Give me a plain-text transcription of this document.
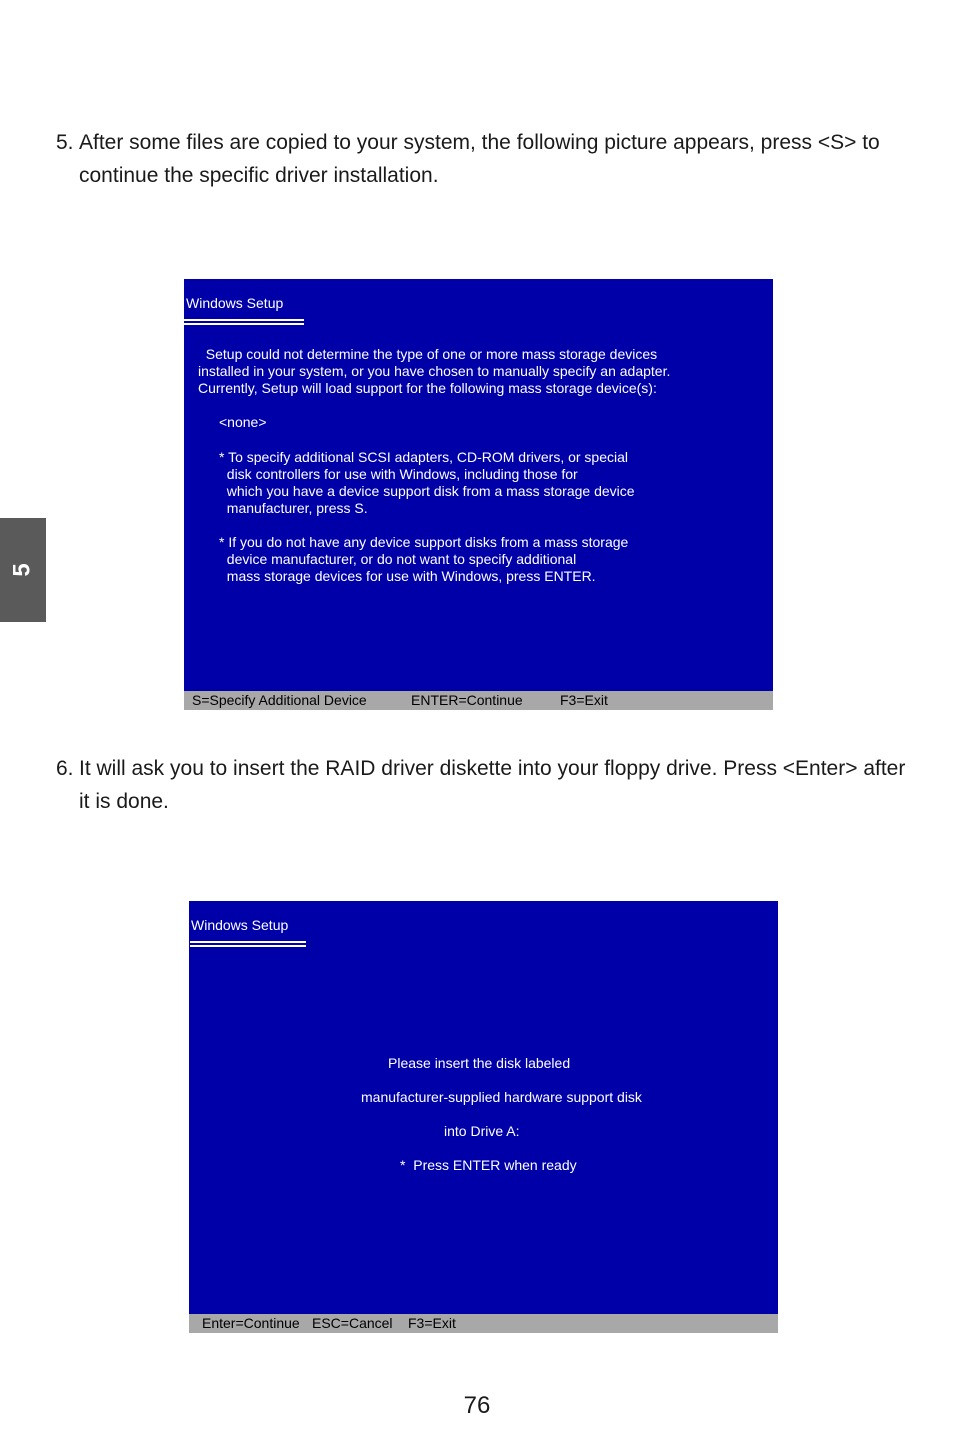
5. After some files are copied to your system, the following picture appears, press <S> to continue the specific driver installation.
5
Windows Setup
Setup could not determine the type of one or more mass storage devices
installed in your system, or you have chosen to manually specify an adapter.
Currently, Setup will load support for the following mass storage device(s):
<none>
* To specify additional SCSI adapters, CD-ROM drivers, or special
disk controllers for use with Windows, including those for
which you have a device support disk from a mass storage device
manufacturer, press S.
* If you do not have any device support disks from a mass storage
device manufacturer, or do not want to specify additional
mass storage devices for use with Windows, press ENTER.
S=Specify Additional Device	ENTER=Continue	F3=Exit
6. It will ask you to insert the RAID driver diskette into your floppy drive. Press <Enter> after it is done.
Windows Setup
Please insert the disk labeled
manufacturer-supplied hardware support disk
into Drive A:
*  Press ENTER when ready
Enter=Continue ESC=Cancel F3=Exit
76
